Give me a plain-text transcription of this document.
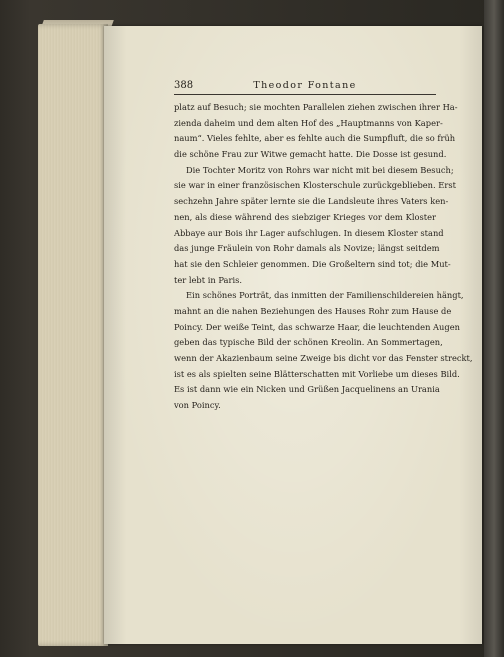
388	Theodor Fontane
platz auf Besuch; sie mochten Parallelen ziehen zwischen ihrer Ha-
zienda daheim und dem alten Hof des „Hauptmanns von Kaper-
naum“. Vieles fehlte, aber es fehlte auch die Sumpfluft, die so früh
die schöne Frau zur Witwe gemacht hatte. Die Dosse ist gesund.
Die Tochter Moritz von Rohrs war nicht mit bei diesem Besuch;
sie war in einer französischen Klosterschule zurückgeblieben. Erst
sechzehn Jahre später lernte sie die Landsleute ihres Vaters ken-
nen, als diese während des siebziger Krieges vor dem Kloster
Abbaye aur Bois ihr Lager aufschlugen. In diesem Kloster stand
das junge Fräulein von Rohr damals als Novize; längst seitdem
hat sie den Schleier genommen. Die Großeltern sind tot; die Mut-
ter lebt in Paris.
Ein schönes Porträt, das inmitten der Familienschildereien hängt,
mahnt an die nahen Beziehungen des Hauses Rohr zum Hause de
Poincy. Der weiße Teint, das schwarze Haar, die leuchtenden Augen
geben das typische Bild der schönen Kreolin. An Sommertagen,
wenn der Akazienbaum seine Zweige bis dicht vor das Fenster streckt,
ist es als spielten seine Blätterschatten mit Vorliebe um dieses Bild.
Es ist dann wie ein Nicken und Grüßen Jacquelinens an Urania
von Poincy.
